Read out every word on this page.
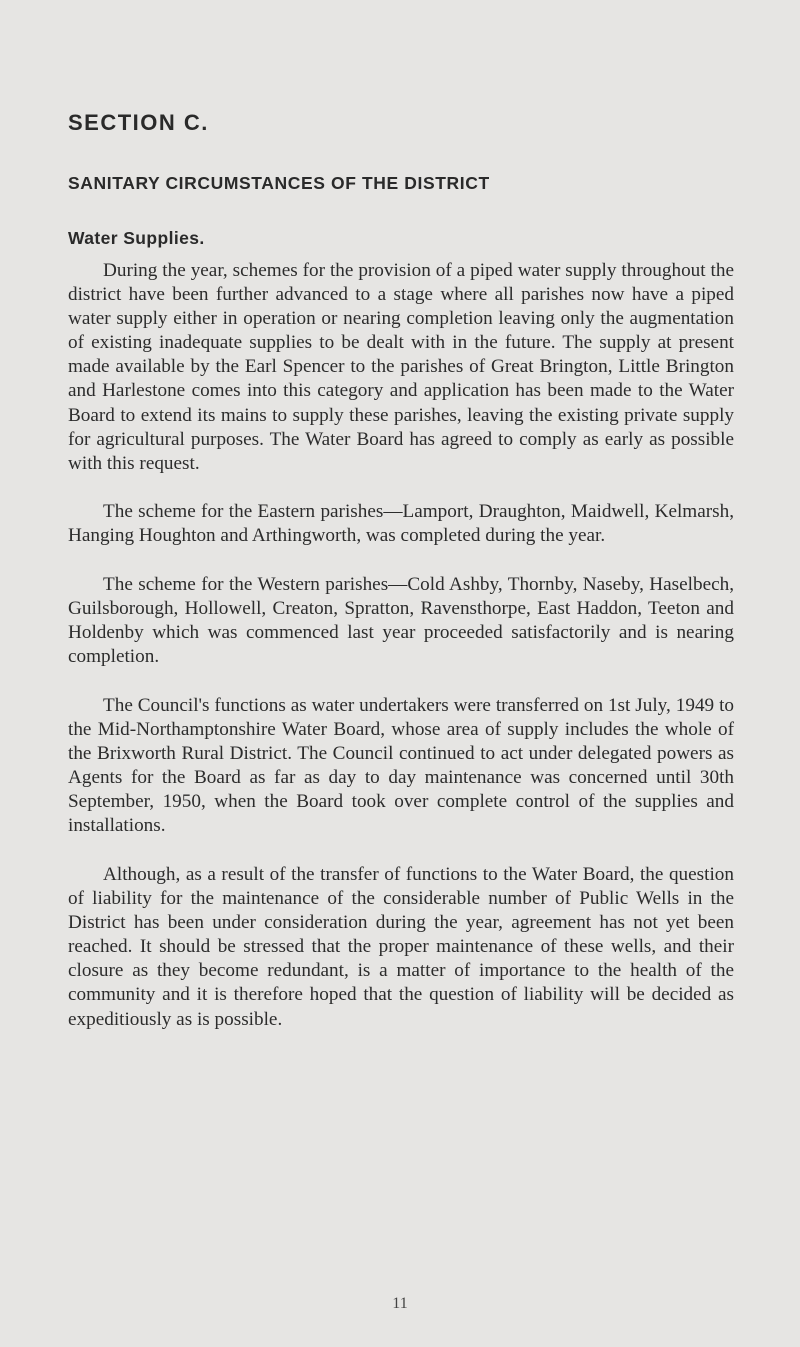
SECTION C.
SANITARY CIRCUMSTANCES OF THE DISTRICT
Water Supplies.

During the year, schemes for the provision of a piped water supply throughout the district have been further advanced to a stage where all parishes now have a piped water supply either in operation or nearing completion leaving only the augmentation of existing inadequate supplies to be dealt with in the future. The supply at present made available by the Earl Spencer to the parishes of Great Brington, Little Brington and Harlestone comes into this category and application has been made to the Water Board to extend its mains to supply these parishes, leaving the existing private supply for agricultural purposes. The Water Board has agreed to comply as early as possible with this request.

The scheme for the Eastern parishes—Lamport, Draughton, Maidwell, Kelmarsh, Hanging Houghton and Arthingworth, was completed during the year.

The scheme for the Western parishes—Cold Ashby, Thornby, Naseby, Haselbech, Guilsborough, Hollowell, Creaton, Spratton, Ravensthorpe, East Haddon, Teeton and Holdenby which was commenced last year proceeded satisfactorily and is nearing completion.

The Council's functions as water undertakers were transferred on 1st July, 1949 to the Mid-Northamptonshire Water Board, whose area of supply includes the whole of the Brixworth Rural District. The Council continued to act under delegated powers as Agents for the Board as far as day to day maintenance was concerned until 30th September, 1950, when the Board took over complete control of the supplies and installations.

Although, as a result of the transfer of functions to the Water Board, the question of liability for the maintenance of the considerable number of Public Wells in the District has been under consideration during the year, agreement has not yet been reached. It should be stressed that the proper maintenance of these wells, and their closure as they become redundant, is a matter of importance to the health of the community and it is therefore hoped that the question of liability will be decided as expeditiously as is possible.

11
